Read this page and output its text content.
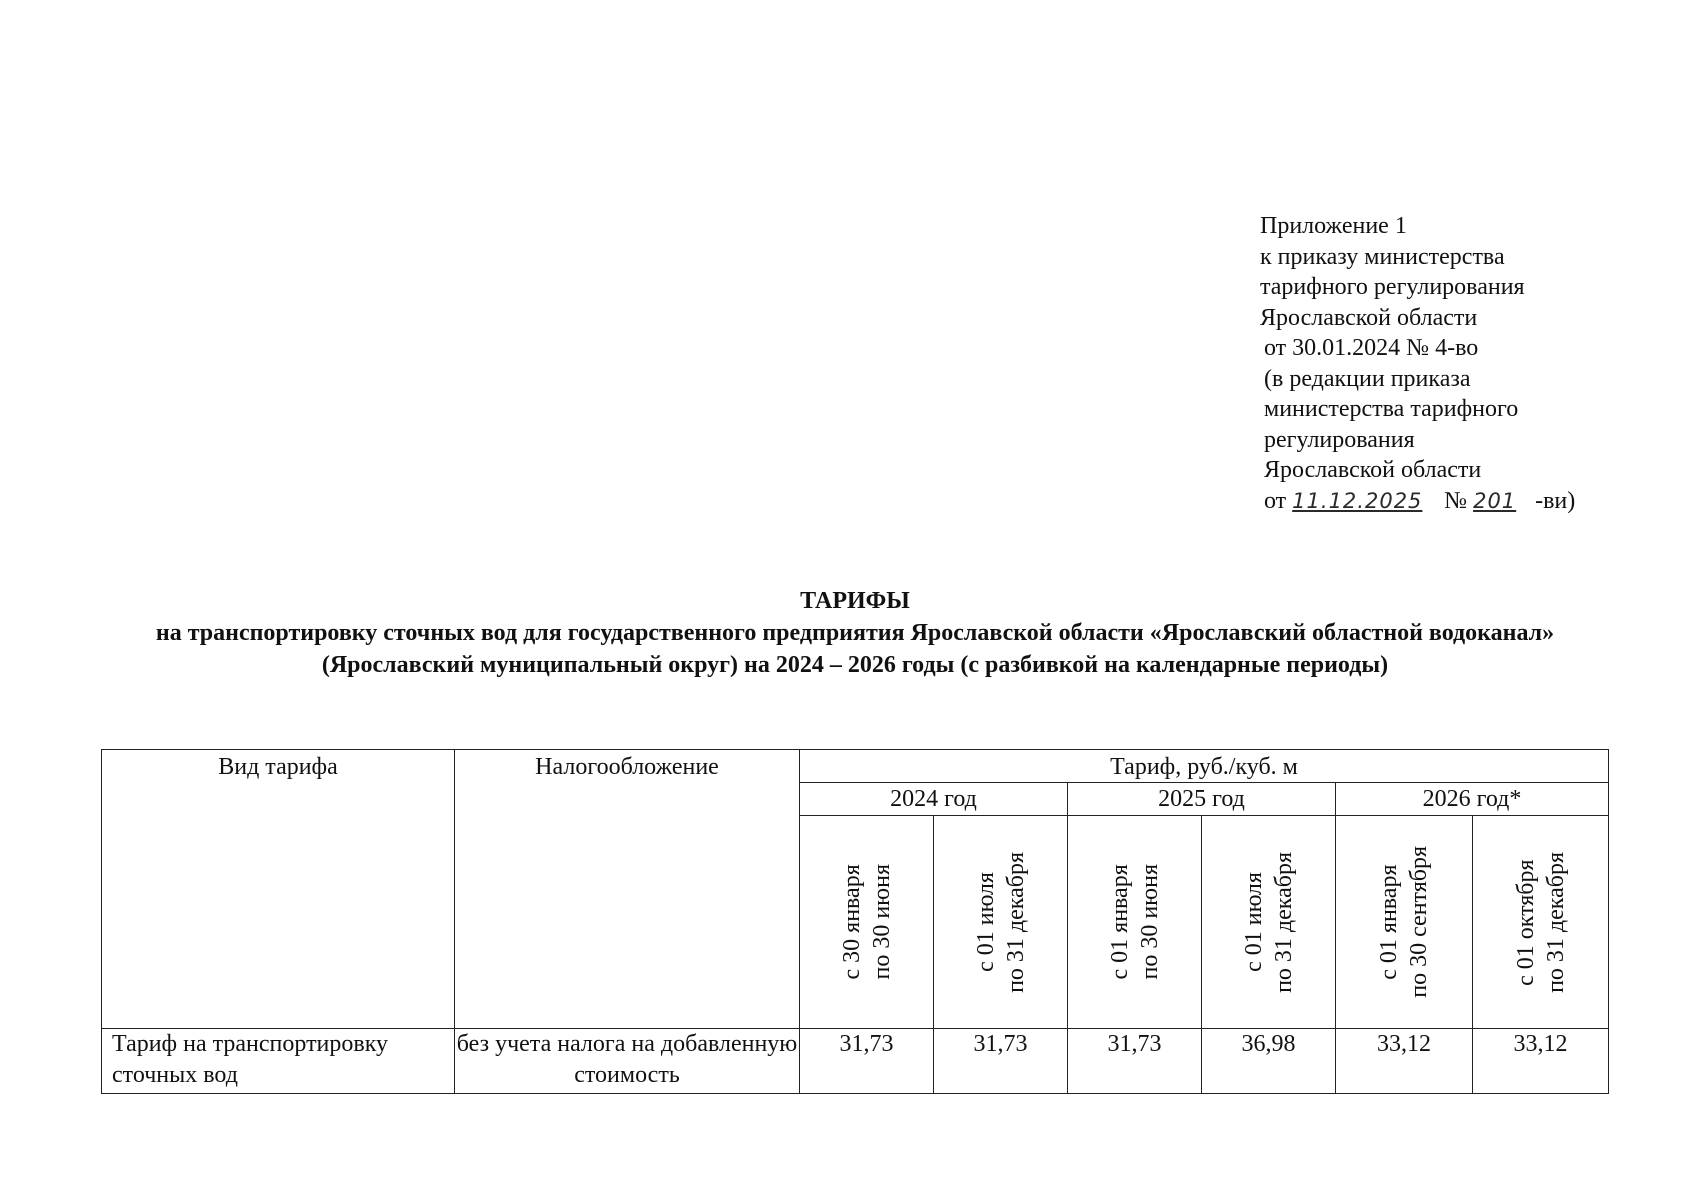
Приложение 1
к приказу министерства
тарифного регулирования
Ярославской области
от 30.01.2024 № 4-во
(в редакции приказа
министерства тарифного
регулирования
Ярославской области
от 11.12.2025 № 201 -ви)
ТАРИФЫ
на транспортировку сточных вод для государственного предприятия Ярославской области «Ярославский областной водоканал» (Ярославский муниципальный округ) на 2024 – 2026 годы (с разбивкой на календарные периоды)
Вид тарифа	Налогообложение	Тариф, руб./куб. м					

		2024 год		2025 год		2026 год*	

		с 30 января
по 30 июня	с 01 июля
по 31 декабря	с 01 января
по 30 июня	с 01 июля
по 31 декабря	с 01 января
по 30 сентября	с 01 октября
по 31 декабря

Тариф на транспортировку сточных вод	без учета налога на добавленную стоимость	31,73	31,73	31,73	36,98	33,12	33,12
